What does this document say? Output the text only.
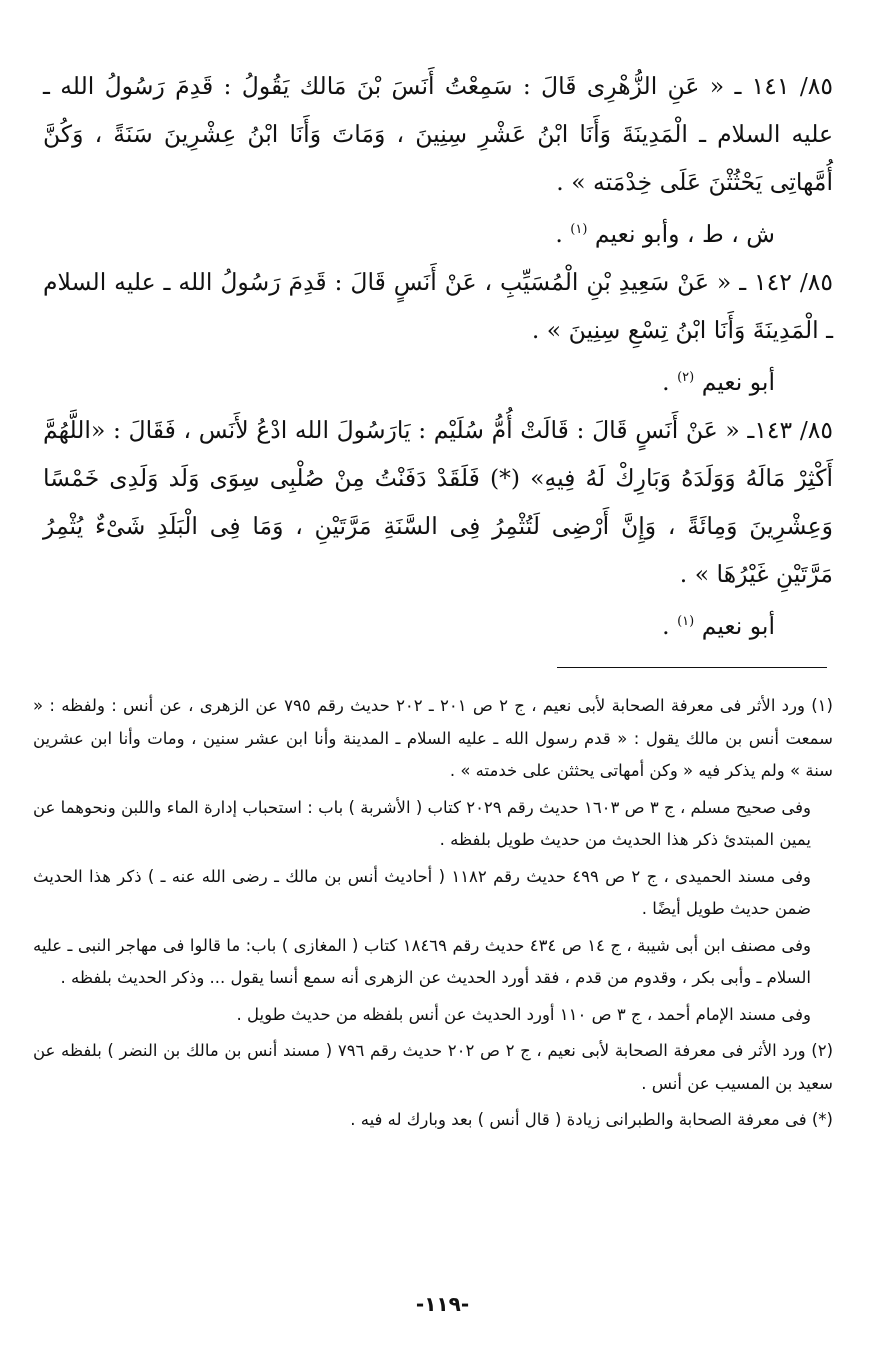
٨٥/ ١٤١ ـ « عَنِ الزُّهْرِى قَالَ : سَمِعْتُ أَنَسَ بْنَ مَالك يَقُولُ : قَدِمَ رَسُولُ الله ـ عليه السلام ـ الْمَدِينَةَ وَأَنَا ابْنُ عَشْرِ سِنِينَ ، وَمَاتَ وَأَنَا ابْنُ عِشْرِينَ سَنَةً ، وَكُنَّ أُمَّهاتِى يَحْثُثْنَ عَلَى خِدْمَته » .

ش ، ط ، وأبو نعيم $^{(١)}$ .

٨٥/ ١٤٢ ـ « عَنْ سَعِيدِ بْنِ الْمُسَيِّبِ ، عَنْ أَنَسٍ قَالَ : قَدِمَ رَسُولُ الله ـ عليه السلام ـ الْمَدِينَةَ وَأَنَا ابْنُ تِسْعِ سِنِينَ » .

أبو نعيم $^{(٢)}$ .

٨٥/ ١٤٣ـ « عَنْ أَنَسٍ قَالَ : قَالَتْ أُمُّ سُلَيْم : يَارَسُولَ الله ادْعُ لأَنَس ، فَقَالَ : «اللَّهُمَّ أَكْثِرْ مَالَهُ وَوَلَدَهُ وَبَارِكْ لَهُ فِيهِ» (*) فَلَقَدْ دَفَنْتُ مِنْ صُلْبِى سِوَى وَلَد وَلَدِى خَمْسًا وَعِشْرِينَ وَمِائَةً ، وَإِنَّ أَرْضِى لَتُثْمِرُ فِى السَّنَةِ مَرَّتَيْنِ ، وَمَا فِى الْبَلَدِ شَىْءٌ يُثْمِرُ مَرَّتَيْنِ غَيْرُهَا » .

أبو نعيم $^{(١)}$ .

(١) ورد الأثر فى معرفة الصحابة لأبى نعيم ، ج ٢ ص ٢٠١ ـ ٢٠٢ حديث رقم ٧٩٥ عن الزهرى ، عن أنس : ولفظه : « سمعت أنس بن مالك يقول : « قدم رسول الله ـ عليه السلام ـ المدينة وأنا ابن عشر سنين ، ومات وأنا ابن عشرين سنة » ولم يذكر فيه « وكن أمهاتى يحثثن على خدمته » .

وفى صحيح مسلم ، ج ٣ ص ١٦٠٣ حديث رقم ٢٠٢٩ كتاب ( الأشربة ) باب : استحباب إدارة الماء واللبن ونحوهما عن يمين المبتدئ ذكر هذا الحديث من حديث طويل بلفظه .

وفى مسند الحميدى ، ج ٢ ص ٤٩٩ حديث رقم ١١٨٢ ( أحاديث أنس بن مالك ـ رضى الله عنه ـ ) ذكر هذا الحديث ضمن حديث طويل أيضًا .

وفى مصنف ابن أبى شيبة ، ج ١٤ ص ٤٣٤ حديث رقم ١٨٤٦٩ كتاب ( المغازى ) باب: ما قالوا فى مهاجر النبى ـ عليه السلام ـ وأبى بكر ، وقدوم من قدم ، فقد أورد الحديث عن الزهرى أنه سمع أنسا يقول ... وذكر الحديث بلفظه .

وفى مسند الإمام أحمد ، ج ٣ ص ١١٠ أورد الحديث عن أنس بلفظه من حديث طويل .

(٢) ورد الأثر فى معرفة الصحابة لأبى نعيم ، ج ٢ ص ٢٠٢ حديث رقم ٧٩٦ ( مسند أنس بن مالك بن النضر ) بلفظه عن سعيد بن المسيب عن أنس .

(*) فى معرفة الصحابة والطبرانى زيادة ( قال أنس ) بعد وبارك له فيه .

-١١٩-
